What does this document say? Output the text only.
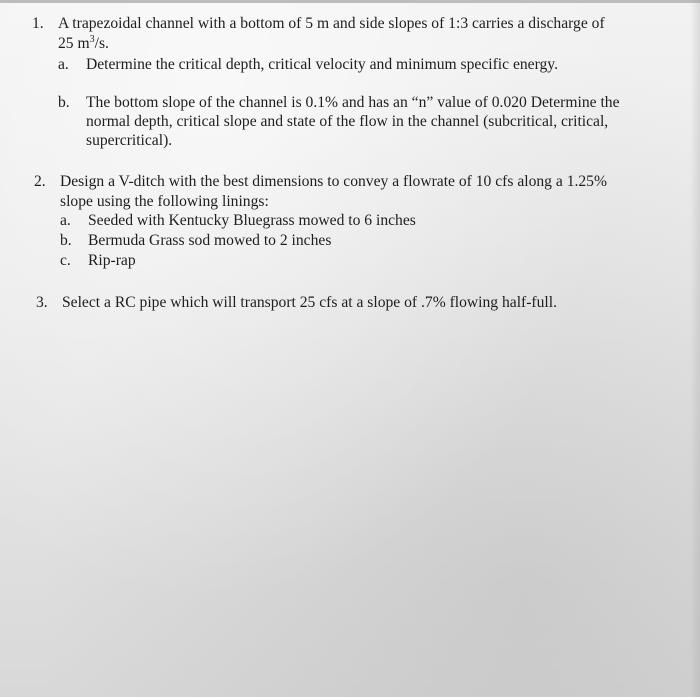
1. A trapezoidal channel with a bottom of 5 m and side slopes of 1:3 carries a discharge of
25 $m^3/s$.
a. Determine the critical depth, critical velocity and minimum specific energy.
b. The bottom slope of the channel is 0.1% and has an “n” value of 0.020 Determine the
normal depth, critical slope and state of the flow in the channel (subcritical, critical,
supercritical).
2. Design a V-ditch with the best dimensions to convey a flowrate of 10 cfs along a 1.25%
slope using the following linings:
a. Seeded with Kentucky Bluegrass mowed to 6 inches
b. Bermuda Grass sod mowed to 2 inches
c. Rip-rap
3. Select a RC pipe which will transport 25 cfs at a slope of .7% flowing half-full.
